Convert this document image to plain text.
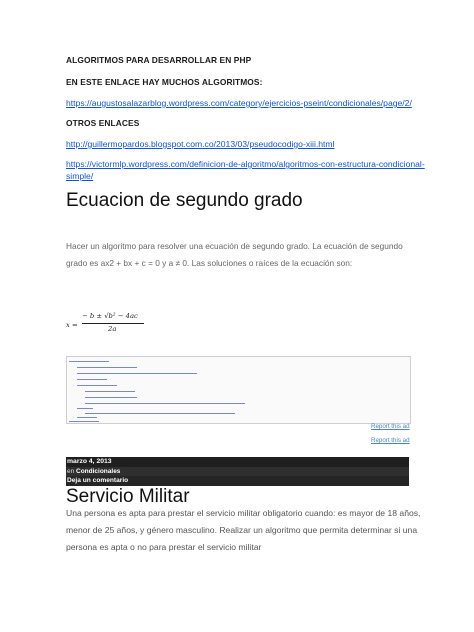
ALGORITMOS PARA DESARROLLAR EN PHP
EN ESTE ENLACE HAY MUCHOS ALGORITMOS:
https://augustosalazarblog.wordpress.com/category/ejercicios-pseint/condicionales/page/2/
OTROS ENLACES
http://guillermopardos.blogspot.com.co/2013/03/pseudocodigo-xiii.html
https://victormlp.wordpress.com/definicion-de-algoritmo/algoritmos-con-estructura-condicional-
simple/
Ecuacion de segundo grado
Hacer un algoritmo para resolver una ecuación de segundo grado. La ecuación de segundo
grado es ax2 + bx + c = 0 y a ≠ 0. Las soluciones o raíces de la ecuación son:
x =
− b ± √b² − 4ac
2a
Report this ad
Report this ad
marzo 4, 2013
en Condicionales
Deja un comentario
Servicio Militar
Una persona es apta para prestar el servicio militar obligatorio cuando: es mayor de 18 años,
menor de 25 años, y género masculino. Realizar un algoritmo que permita determinar si una
persona es apta o no para prestar el servicio militar
